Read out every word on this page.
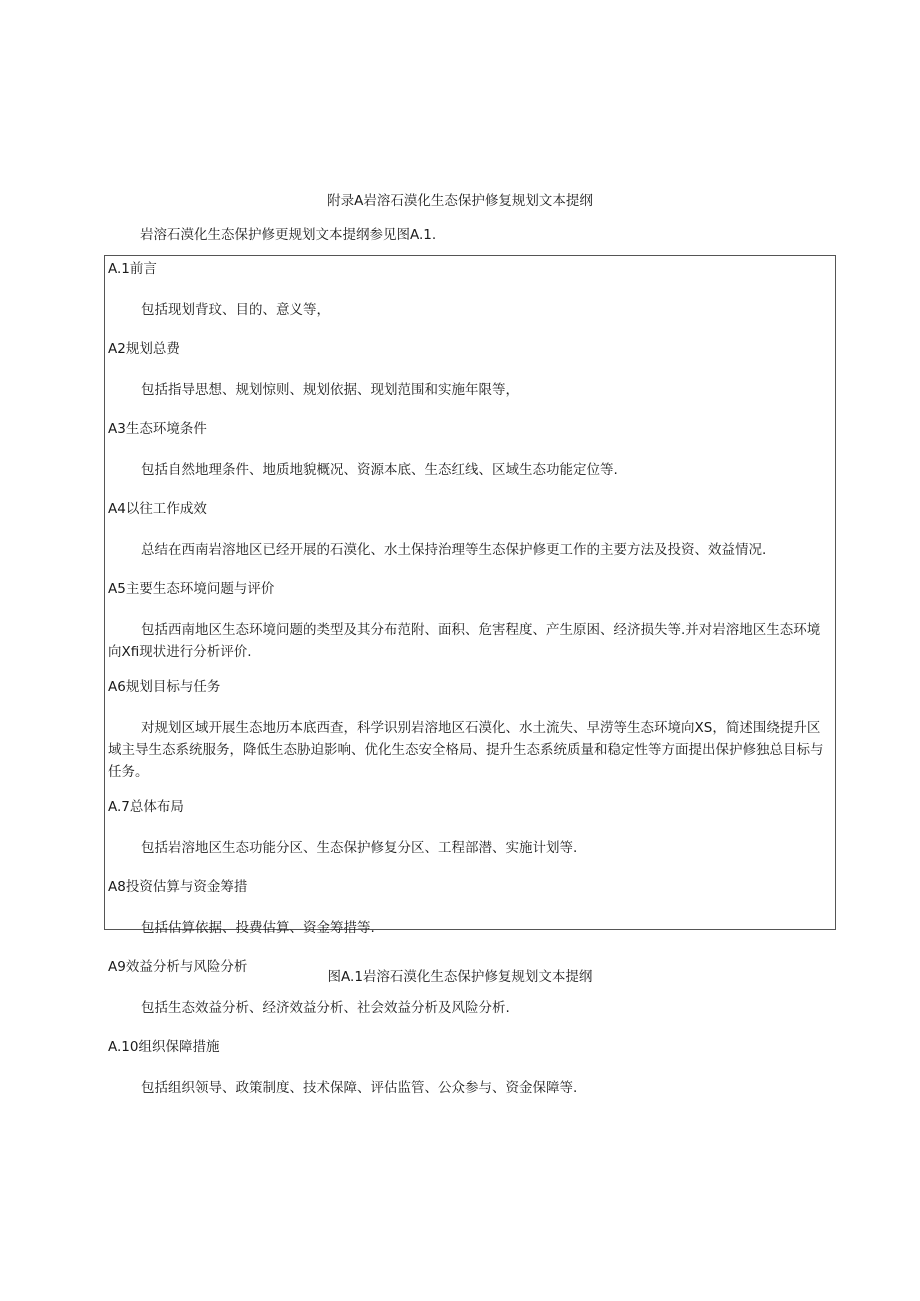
附录A岩溶石漠化生态保护修复规划文本提纲

岩溶石漠化生态保护修更规划文本提纲参见图A.1.

A.1前言

包括现划背玟、目的、意义等，

A2规划总费

包括指导思想、规划惊则、规划依据、现划范围和实施年限等，

A3生态环境条件

包括自然地理条件、地质地貌概况、资源本底、生态红线、区域生态功能定位等.

A4以往工作成效

总结在西南岩溶地区已经开展的石漠化、水土保持治理等生态保护修更工作的主要方法及投资、效益情况.

A5主要生态环境问题与评价

包括西南地区生态环境问题的类型及其分布范附、面积、危害程度、产生原困、经济损失等.并对岩溶地区生态环境向Xfi现状进行分析评价.

A6规划目标与任务

对规划区域开展生态地历本底西查，科学识别岩溶地区石漠化、水土流失、早涝等生态环境向XS，简述围绕提升区域主导生态系统服务，降低生态胁迫影响、优化生态安全格局、提升生态系统质量和稳定性等方面提出保护修独总目标与任务。

A.7总体布局

包括岩溶地区生态功能分区、生态保护修复分区、工程部潜、实施计划等.

A8投资估算与资金筹措

包括估算依据、投费估算、资金筹措等.

A9效益分析与风险分析

包括生态效益分析、经济效益分析、社会效益分析及风险分析.

A.10组织保障措施

包括组织领导、政策制度、技术保障、评估监管、公众参与、资金保障等.

图A.1岩溶石漠化生态保护修复规划文本提纲
